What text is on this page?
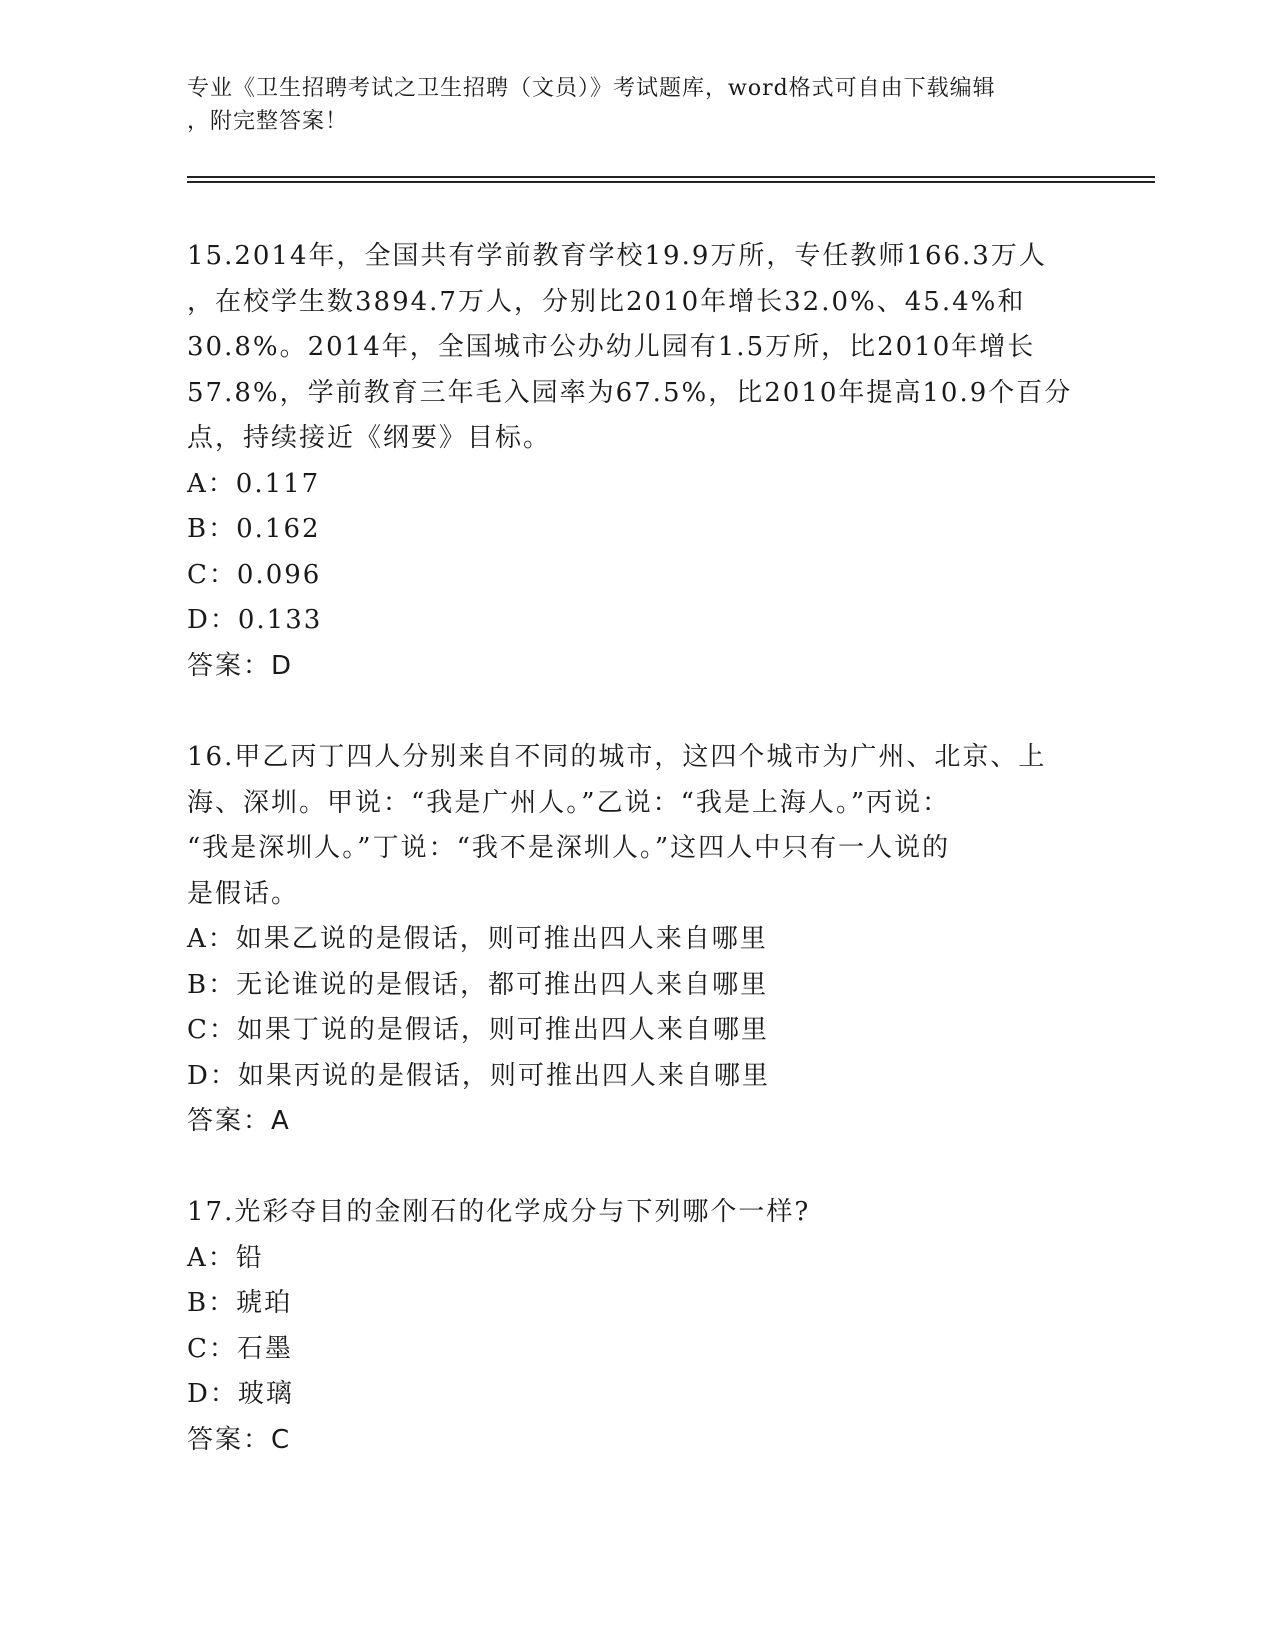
专业《卫生招聘考试之卫生招聘（文员）》考试题库，word格式可自由下载编辑
，附完整答案！
15.2014年，全国共有学前教育学校19.9万所，专任教师166.3万人
，在校学生数3894.7万人，分别比2010年增长32.0%、45.4%和
30.8%。2014年，全国城市公办幼儿园有1.5万所，比2010年增长
57.8%，学前教育三年毛入园率为67.5%，比2010年提高10.9个百分
点，持续接近《纲要》目标。
A：0.117
B：0.162
C：0.096
D：0.133
答案：D
16.甲乙丙丁四人分别来自不同的城市，这四个城市为广州、北京、上
海、深圳。甲说：“我是广州人。”乙说：“我是上海人。”丙说：
“我是深圳人。”丁说：“我不是深圳人。”这四人中只有一人说的
是假话。
A：如果乙说的是假话，则可推出四人来自哪里
B：无论谁说的是假话，都可推出四人来自哪里
C：如果丁说的是假话，则可推出四人来自哪里
D：如果丙说的是假话，则可推出四人来自哪里
答案：A
17.光彩夺目的金刚石的化学成分与下列哪个一样?
A：铅
B：琥珀
C：石墨
D：玻璃
答案：C
